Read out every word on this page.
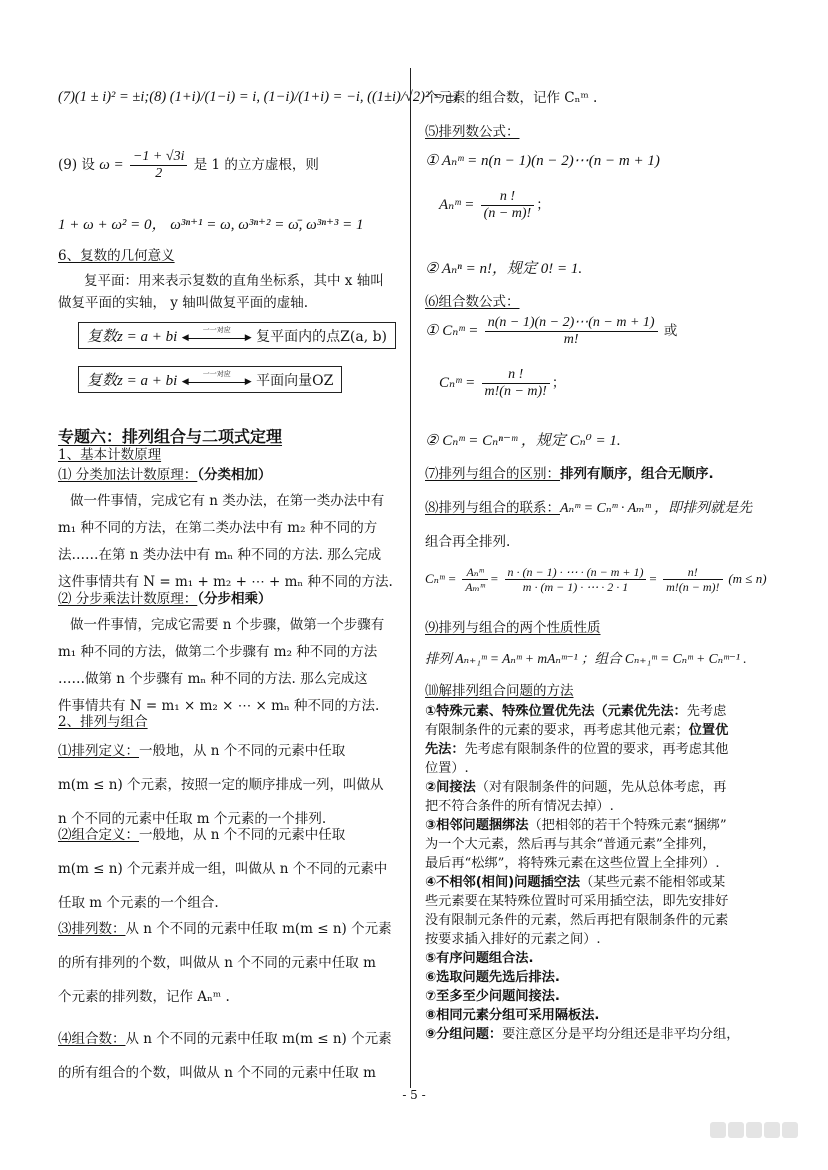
(7)(1 ± i)² = ±i;(8) (1+i)/(1−i) = i, (1−i)/(1+i) = −i, ((1±i)/√2)² = ±i
(9) 设 $\omega = \frac{-1 + √3i}{2}$ 是 1 的立方虚根，则
1 + ω + ω² = 0， ω³ⁿ⁺¹ = ω, ω³ⁿ⁺² = ω̄, ω³ⁿ⁺³ = 1
6、复数的几何意义
复平面：用来表示复数的直角坐标系，其中 x 轴叫
做复平面的实轴， y 轴叫做复平面的虚轴.
复数z = a + bi	一一对应
◀	▶ 复平面内的点Z(a, b)
复数z = a + bi	一一对应
◀	▶ 平面向量OZ
专题六：排列组合与二项式定理
1、基本计数原理
⑴ 分类加法计数原理：（分类相加）
做一件事情，完成它有 n 类办法，在第一类办法中有
m₁ 种不同的方法，在第二类办法中有 m₂ 种不同的方
法……在第 n 类办法中有 mₙ 种不同的方法. 那么完成
这件事情共有 N = m₁ + m₂ + ⋯ + mₙ 种不同的方法.
⑵ 分步乘法计数原理：（分步相乘）
做一件事情，完成它需要 n 个步骤，做第一个步骤有
m₁ 种不同的方法，做第二个步骤有 m₂ 种不同的方法
……做第 n 个步骤有 mₙ 种不同的方法. 那么完成这
件事情共有 N = m₁ × m₂ × ⋯ × mₙ 种不同的方法.
2、排列与组合
⑴排列定义：一般地，从 n 个不同的元素中任取
m(m ≤ n) 个元素，按照一定的顺序排成一列，叫做从
n 个不同的元素中任取 m 个元素的一个排列.
⑵组合定义：一般地，从 n 个不同的元素中任取
m(m ≤ n) 个元素并成一组，叫做从 n 个不同的元素中
任取 m 个元素的一个组合.
⑶排列数：从 n 个不同的元素中任取 m(m ≤ n) 个元素
的所有排列的个数，叫做从 n 个不同的元素中任取 m
个元素的排列数，记作 Aₙᵐ .
⑷组合数：从 n 个不同的元素中任取 m(m ≤ n) 个元素
的所有组合的个数，叫做从 n 个不同的元素中任取 m
个元素的组合数，记作 Cₙᵐ .
⑸排列数公式：
① Aₙᵐ = n(n − 1)(n − 2)⋯(n − m + 1)
Aₙᵐ = $\frac{n !}{(n - m)!}$ ；
② Aₙⁿ = n!，规定 0! = 1.
⑹组合数公式：
① Cₙᵐ = $\frac{n(n - 1)(n - 2)\cdots(n - m + 1)}{m!}$ 或
Cₙᵐ = $\frac{n !}{m!(n - m)!}$ ；
② Cₙᵐ = Cₙⁿ⁻ᵐ ，规定 Cₙ⁰ = 1.
⑺排列与组合的区别：排列有顺序，组合无顺序.
⑻排列与组合的联系：Aₙᵐ = Cₙᵐ · Aₘᵐ ，即排列就是先
组合再全排列.
Cₙᵐ = $\frac{\text{Aₙᵐ}}{\text{Aₘᵐ}} = \frac{n \cdot (n - 1) \cdot \cdots \cdot (n - m + 1)}{m \cdot (m - 1) \cdot \cdots \cdot 2 \cdot 1} = \frac{n!}{m!(n - m)!} (m \le n)$
⑼排列与组合的两个性质性质
排列 Aₙ₊₁ᵐ = Aₙᵐ + mAₙᵐ⁻¹ ；组合 Cₙ₊₁ᵐ = Cₙᵐ + Cₙᵐ⁻¹ .
⑽解排列组合问题的方法
①特殊元素、特殊位置优先法（元素优先法：先考虑
有限制条件的元素的要求，再考虑其他元素；位置优
先法：先考虑有限制条件的位置的要求，再考虑其他
位置）.
②间接法（对有限制条件的问题，先从总体考虑，再
把不符合条件的所有情况去掉）.
③相邻问题捆绑法（把相邻的若干个特殊元素“捆绑”
为一个大元素，然后再与其余“普通元素”全排列，
最后再“松绑”，将特殊元素在这些位置上全排列）.
④不相邻(相间)问题插空法（某些元素不能相邻或某
些元素要在某特殊位置时可采用插空法，即先安排好
没有限制元条件的元素，然后再把有限制条件的元素
按要求插入排好的元素之间）.
⑤有序问题组合法.
⑥选取问题先选后排法.
⑦至多至少问题间接法.
⑧相同元素分组可采用隔板法.
⑨分组问题：要注意区分是平均分组还是非平均分组，
- 5 -
